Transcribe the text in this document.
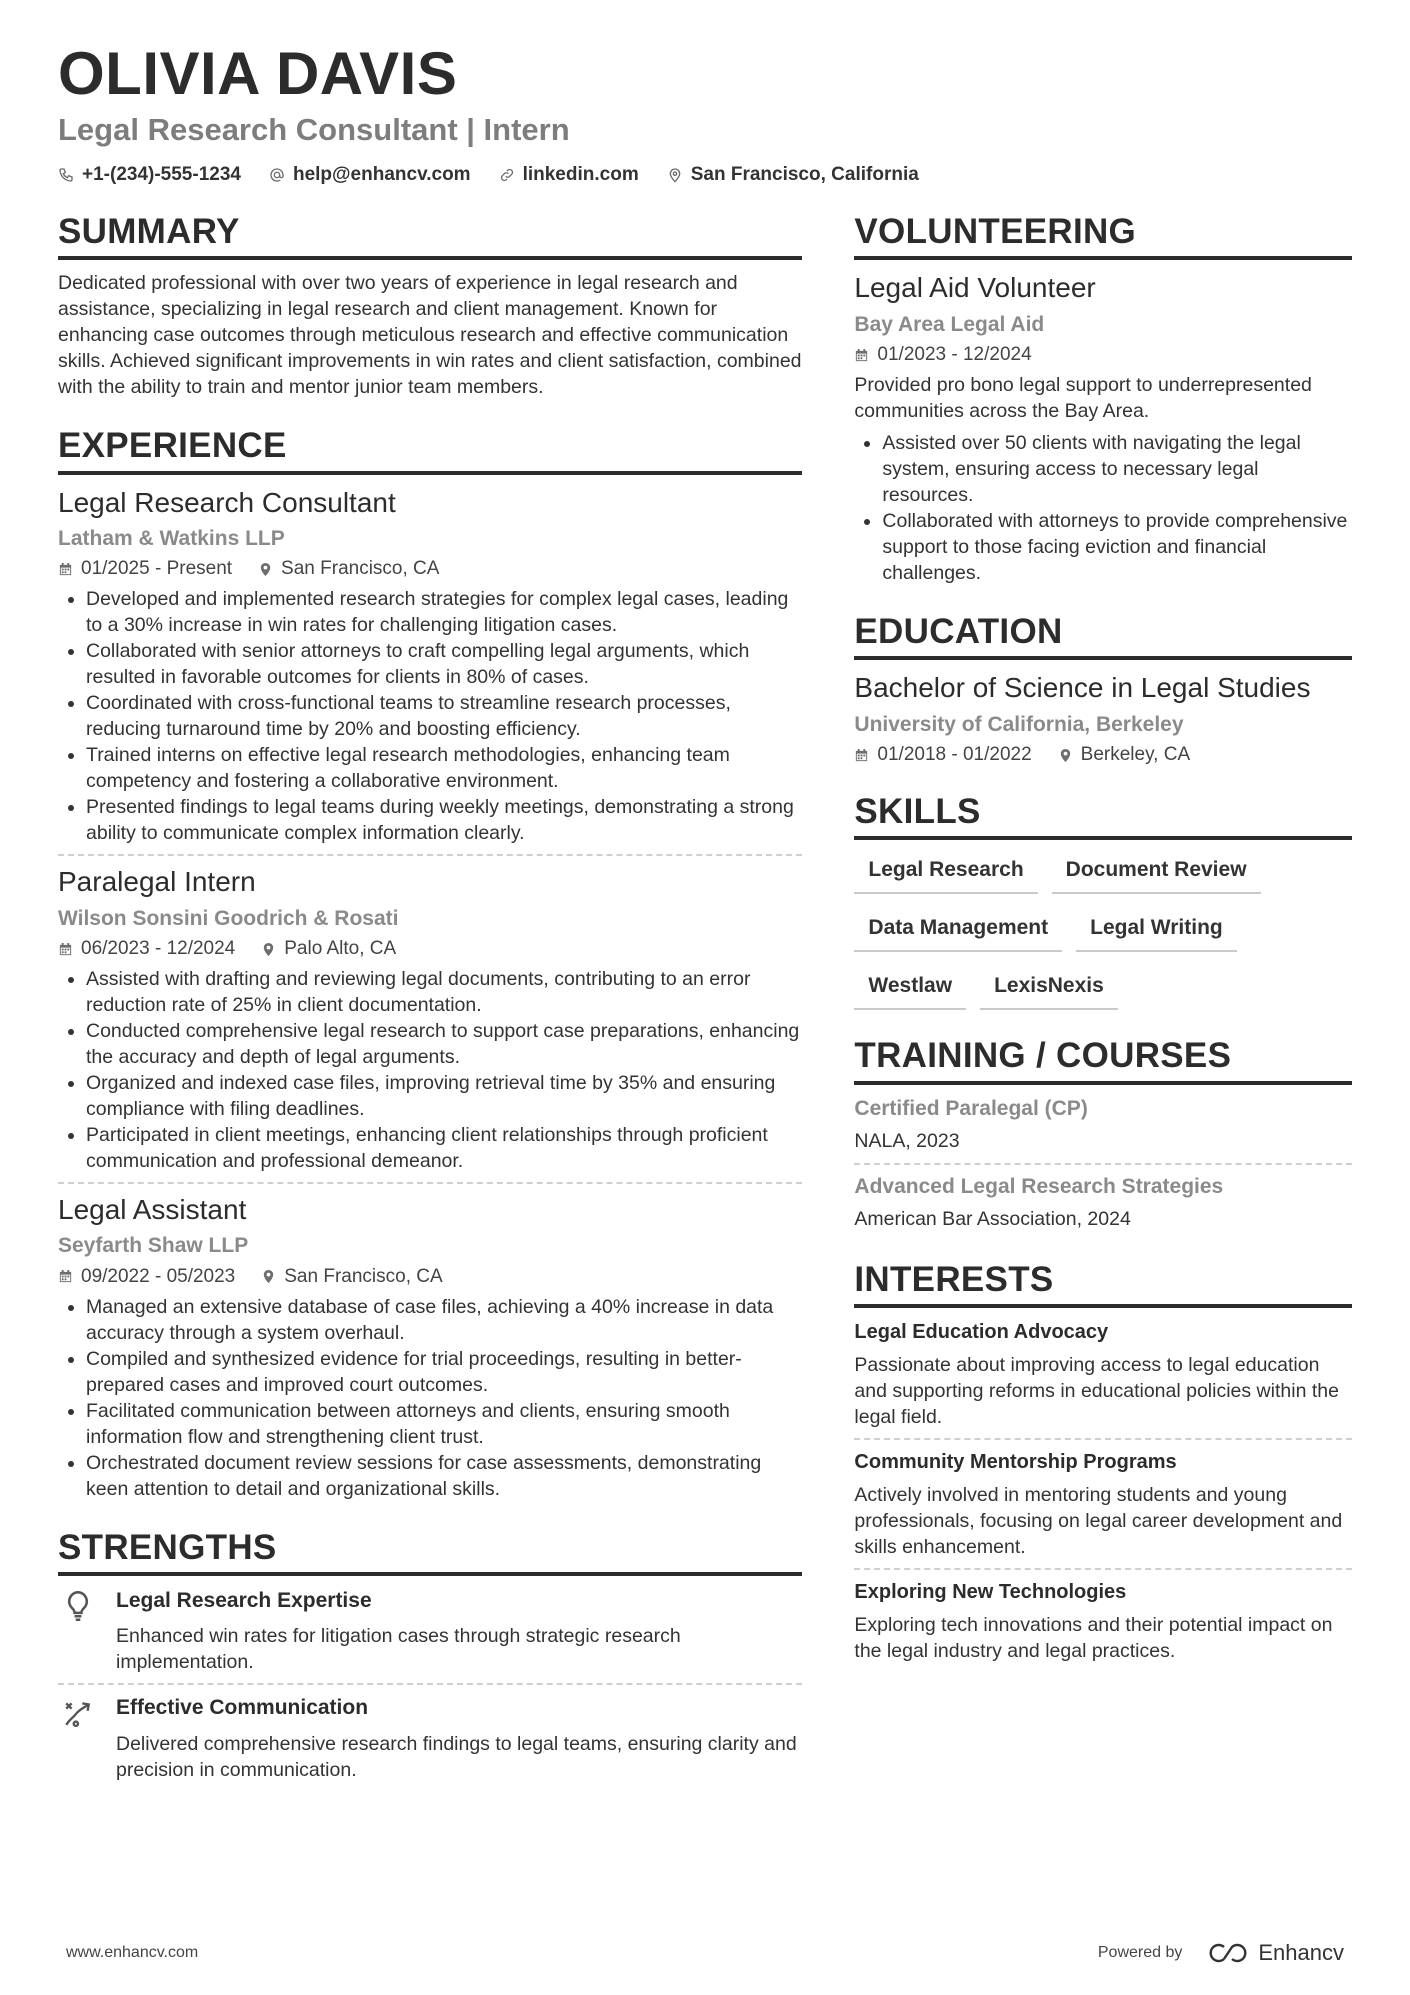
OLIVIA DAVIS
Legal Research Consultant | Intern
+1-(234)-555-1234	help@enhancv.com	linkedin.com	San Francisco, California
SUMMARY

Dedicated professional with over two years of experience in legal research and assistance, specializing in legal research and client management. Known for enhancing case outcomes through meticulous research and effective communication skills. Achieved significant improvements in win rates and client satisfaction, combined with the ability to train and mentor junior team members.

EXPERIENCE
Legal Research Consultant
Latham & Watkins LLP
01/2025 - Present	San Francisco, CA
• Developed and implemented research strategies for complex legal cases, leading to a 30% increase in win rates for challenging litigation cases.
• Collaborated with senior attorneys to craft compelling legal arguments, which resulted in favorable outcomes for clients in 80% of cases.
• Coordinated with cross-functional teams to streamline research processes, reducing turnaround time by 20% and boosting efficiency.
• Trained interns on effective legal research methodologies, enhancing team competency and fostering a collaborative environment.
• Presented findings to legal teams during weekly meetings, demonstrating a strong ability to communicate complex information clearly.
Paralegal Intern
Wilson Sonsini Goodrich & Rosati
06/2023 - 12/2024	Palo Alto, CA
• Assisted with drafting and reviewing legal documents, contributing to an error reduction rate of 25% in client documentation.
• Conducted comprehensive legal research to support case preparations, enhancing the accuracy and depth of legal arguments.
• Organized and indexed case files, improving retrieval time by 35% and ensuring compliance with filing deadlines.
• Participated in client meetings, enhancing client relationships through proficient communication and professional demeanor.
Legal Assistant
Seyfarth Shaw LLP
09/2022 - 05/2023	San Francisco, CA
• Managed an extensive database of case files, achieving a 40% increase in data accuracy through a system overhaul.
• Compiled and synthesized evidence for trial proceedings, resulting in better-prepared cases and improved court outcomes.
• Facilitated communication between attorneys and clients, ensuring smooth information flow and strengthening client trust.
• Orchestrated document review sessions for case assessments, demonstrating keen attention to detail and organizational skills.
STRENGTHS
Legal Research Expertise
Enhanced win rates for litigation cases through strategic research implementation.
Effective Communication
Delivered comprehensive research findings to legal teams, ensuring clarity and precision in communication.
VOLUNTEERING
Legal Aid Volunteer
Bay Area Legal Aid
01/2023 - 12/2024

Provided pro bono legal support to underrepresented communities across the Bay Area.

• Assisted over 50 clients with navigating the legal system, ensuring access to necessary legal resources.
• Collaborated with attorneys to provide comprehensive support to those facing eviction and financial challenges.
EDUCATION
Bachelor of Science in Legal Studies
University of California, Berkeley
01/2018 - 01/2022	Berkeley, CA
SKILLS
Legal Research	Document Review
Data Management	Legal Writing
Westlaw	LexisNexis
TRAINING / COURSES
Certified Paralegal (CP)
NALA, 2023
Advanced Legal Research Strategies
American Bar Association, 2024
INTERESTS
Legal Education Advocacy
Passionate about improving access to legal education and supporting reforms in educational policies within the legal field.
Community Mentorship Programs
Actively involved in mentoring students and young professionals, focusing on legal career development and skills enhancement.
Exploring New Technologies
Exploring tech innovations and their potential impact on the legal industry and legal practices.
www.enhancv.com	Powered by	Enhancv
